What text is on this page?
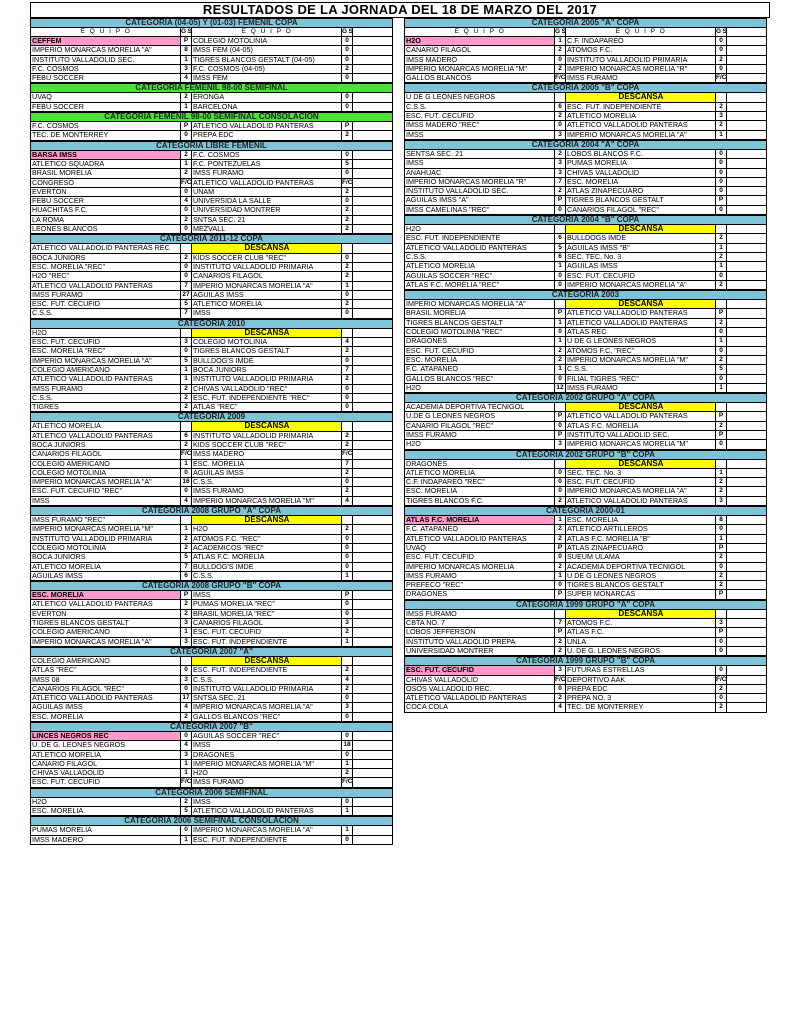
RESULTADOS DE LA JORNADA DEL 18 DE MARZO DEL 2017
CATEGORIA (04-05) Y (01-03) FEMENIL COPA
E Q U I P O	GS	E Q U I P O	GS
CEFFEM	P COLEGIO MOTOLINIA	0
IMPERIO MONARCAS MORELIA "A"	8 IMSS FEM (04-05)	0
INSTITUTO VALLADOLID SEC.	1 TIGRES BLANCOS GESTALT (04-05)	0
F.C. COSMOS	3 F.C. COSMOS (04-05)	2
FEBU SOCCER	4 IMSS FEM	0
CATEGORIA FEMENIL 98-00 SEMIFINAL
UVAQ	2 ERONGA	0
FEBU SOCCER	1 BARCELONA	0
CATEGORIA FEMENIL 98-00 SEMIFINAL CONSOLACION
F.C. COSMOS	P ATLETICO VALLADOLID PANTERAS	P
TEC. DE MONTERREY	0 PREPA EDC	2
CATEGORIA LIBRE FEMENIL
BARSA IMSS	2 F.C. COSMOS	0
ATLETICO SQUADRA	1 F.C. PONTEZUELAS	5
BRASIL MORELIA	2 IMSS FURAMO	0
CONGRESO	F/C ATLETICO VALLADOLID PANTERAS	F/C
EVERTON	0 UNAM	2
FEBU SOCCER	4 UNIVERSIDA LA SALLE	0
HUACHITAS F.C.	0 UNIVERSIDAD MONTRER	2
LA ROMA	2 SNTSA SEC. 21	2
LEONES BLANCOS	0 MEZVALL	2
CATEGORIA 2011-12 COPA
ATLETICO VALLADOLID PANTERAS REC	DESCANSA
BOCA JUNIORS	2 KIDS SOCCER CLUB "REC"	0
ESC. MORELIA "REC"	0 INSTITUTO VALLADOLID PRIMARIA	2
H2O "REC"	0 CANARIOS FILAGOL	2
ATLETICO VALLADOLID PANTERAS	7 IMPERIO MONARCAS MORELIA "A"	1
IMSS FURAMO	27 AGUILAS IMSS	0
ESC. FUT. CECUFID	5 ATLETICO MORELIA	2
C.S.S.	7 IMSS	0
CATEGORIA 2010
H2O	DESCANSA
ESC. FUT. CECUFID	3 COLEGIO MOTOLINIA	4
ESC. MORELIA "REC"	0 TIGRES BLANCOS GESTALT	2
IMPERIO MONARCAS MORELIA "A"	5 BULLDOG'S IMDE	0
COLEGIO AMERICANO	1 BOCA JUNIORS	7
ATLETICO VALLADOLID PANTERAS	1 INSTITUTO VALLADOLID PRIMARIA	2
IMSS FURAMO	2 CHIVAS VALLADOLID "REC"	0
C.S.S.	2 ESC. FUT. INDEPENDIENTE "REC"	0
TIGRES	2 ATLAS "REC"	0
CATEGORIA 2009
ATLETICO MORELIA	DESCANSA
ATLETICO VALLADOLID PANTERAS	6 INSTITUTO VALLADOLID PRIMARIA	2
BOCA JUNIORS	2 KIDS SOCCER CLUB "REC"	2
CANARIOS FILAGOL	F/C IMSS MADERO	F/C
COLEGIO AMERICANO	1 ESC. MORELIA	7
COLEGIO MOTOLINIA	0 AGUILAS IMSS	2
IMPERIO MONARCAS MORELIA "A"	16 C.S.S.	0
ESC. FUT. CECUFID "REC"	0 IMSS FURAMO	2
IMSS	4 IMPERIO MONARCAS MORELIA "M"	4
CATEGORIA 2008 GRUPO "A" COPA
IMSS FURAMO "REC"	DESCANSA
IMPERIO MONARCAS MORELIA "M"	1 H2O	2
INSTITUTO VALLADOLID PRIMARIA	2 ATOMOS F.C. "REC"	0
COLEGIO MOTOLINIA	2 ACADEMICOS "REC"	0
BOCA JUNIORS	5 ATLAS F.C. MORELIA	0
ATLETICO MORELIA	7 BULLDOG'S IMDE	0
AGUILAS IMSS	6 C.S.S.	1
CATEGORIA 2008 GRUPO "B" COPA
ESC. MORELIA	P IMSS	P
ATLETICO VALLADOLID PANTERAS	2 PUMAS MORELIA "REC"	0
EVERTON	2 BRASIL MORELIA "REC"	0
TIGRES BLANCOS GESTALT	3 CANARIOS FILAGOL	3
COLEGIO AMERICANO	1 ESC. FUT. CECUFID	2
IMPERIO MONARCAS MORELIA "A"	3 ESC. FUT. INDEPENDIENTE	1
CATEGORIA 2007 "A"
COLEGIO AMERICANO	DESCANSA
ATLAS "REC"	0 ESC. FUT. INDEPENDIENTE	2
IMSS 08	3 C.S.S.	4
CANARIOS FILAGOL "REC"	0 INSTITUTO VALLADOLID PRIMARIA	2
ATLETICO VALLADOLID PANTERAS	17 SNTSA SEC. 21	0
AGUILAS IMSS	4 IMPERIO MONARCAS MORELIA "A"	3
ESC. MORELIA	2 GALLOS BLANCOS "REC"	0
CATEGORIA 2007 "B"
LINCES NEGROS REC	0 AGUILAS SOCCER "REC"	0
U. DE G. LEONES NEGROS	4 IMSS	18
ATLETICO MORELIA	3 DRAGONES	0
CANARIO FILAGOL	1 IMPERIO MONARCAS MORELIA "M"	1
CHIVAS VALLADOLID	1 H2O	2
ESC. FUT. CECUFID	F/C IMSS FURAMO	F/C
CATEGORIA 2006 SEMIFINAL
H2O	2 IMSS	0
ESC. MORELIA	5 ATLETICO VALLADOLID PANTERAS	1
CATEGORIA 2006 SEMIFINAL CONSOLACION
PUMAS MORELIA	0 IMPERIO MONARCAS MORELIA "A"	1
IMSS MADERO	1 ESC. FUT. INDEPENDIENTE	0
CATEGORIA 2005 "A" COPA
E Q U I P O	GS	E Q U I P O	GS
H2O	1 C.F. INDAPAREO	0
CANARIO FILAGOL	2 ATOMOS F.C.	0
IMSS MADERO	0 INSTITUTO VALLADOLID PRIMARIA	2
IMPERIO MONARCAS MORELIA "M"	2 IMPERIO MONARCAS MORELIA "R"	0
GALLOS BLANCOS	F/C IMSS FURAMO	F/C
CATEGORIA 2005 "B" COPA
U DE G LEONES NEGROS	DESCANSA
C.S.S.	6 ESC. FUT. INDEPENDIENTE	2
ESC. FUT. CECUFID	2 ATLETICO MORELIA	3
IMSS MADERO "REC"	0 ATLETICO VALLADOLID PANTERAS	2
IMSS	3 IMPERIO MONARCAS MORELIA "A"	1
CATEGORIA 2004 "A" COPA
SENTSA SEC. 21	2 LOBOS BLANCOS F.C.	0
IMSS	3 PUMAS MORELIA	0
ANAHUAC	3 CHIVAS VALLADOLID	0
IMPERIO MONARCAS MORELIA "R"	7 ESC. MORELIA	0
INSTITUTO VALLADOLID SEC.	2 ATLAS ZINAPECUARO	0
AGUILAS IMSS "A"	P TIGRES BLANCOS GESTALT	P
IMSS CAMELINAS "REC"	0 CANARIOS FILAGOL "REC"	0
CATEGORIA 2004 "B" COPA
H2O	DESCANSA
ESC. FUT. INDEPENDIENTE	6 BULLDOGS IMDE	2
ATLETICO VALLADOLID PANTERAS	5 AGUILAS IMSS "B"	1
C.S.S.	6 SEC. TEC. No. 3	2
ATLETICO MORELIA	1 AGUILAS IMSS	1
AGUILAS SOCCER "REC"	0 ESC. FUT. CECUFID	0
ATLAS F.C. MORELIA "REC"	0 IMPERIO MONARCAS MORELIA "A"	2
CATEGORIA 2003
IMPERIO MONARCAS MORELIA "A"	DESCANSA
BRASIL MORELIA	P ATLETICO VALLADOLID PANTERAS	P
TIGRES BLANCOS GESTALT	1 ATLETICO VALLADOLID PANTERAS	2
COLEGIO MOTOLINIA "REC"	0 ATLAS REC	0
DRAGONES	1 U DE G LEONES NEGROS	1
ESC. FUT. CECUFID	2 ATOMOS F.C. "REC"	0
ESC. MORELIA	2 IMPERIO MONARCAS MORELIA "M"	2
F.C. ATAPANEO	1 C.S.S.	5
GALLOS BLANCOS "REC"	0 FILIAL TIGRES "REC"	0
H2O	12 IMSS FURAMO	1
CATEGORIA 2002 GRUPO "A" COPA
ACADEMIA DEPORTIVA TECNIGOL	DESCANSA
U.DE G LEONES NEGROS	P ATLETICO VALLADOLID PANTERAS	P
CANARIO FILAGOL "REC"	0 ATLAS F.C. MORELIA	2
IMSS FURAMO	P INSTITUTO VALLADOLID SEC.	P
H2O	3 IMPERIO MONARCAS MORELIA "M"	0
CATEGORIA 2002 GRUPO "B" COPA
DRAGONES	DESCANSA
ATLETICO MORELIA	0 SEC. TEC. No. 3	1
C.F. INDAPAREO "REC"	0 ESC. FUT. CECUFID	2
ESC. MORELIA	0 IMPERIO MONARCAS MORELIA "A"	2
TIGRES BLANCOS F.C.	2 ATLETICO VALLADOLID PANTERAS	3
CATEGORIA 2000-01
ATLAS F.C. MORELIA	1 ESC. MORELIA	8
F.C. ATAPANEO	2 ATLETICO ARTILLEROS	0
ATLETICO VALLADOLID PANTERAS	2 ATLAS F.C. MORELIA "B"	1
UVAQ	P ATLAS ZINAPECUARO	P
ESC. FUT. CECUFID	0 SUEUM ULAMA	2
IMPERIO MONARCAS MORELIA	2 ACADEMIA DEPORTIVA TECNIGOL	0
IMSS FURAMO	1 U DE G LEONES NEGROS	2
PREFECO "REC"	0 TIGRES BLANCOS GESTALT	2
DRAGONES	P SUPER MONARCAS	P
CATEGORIA 1999 GRUPO "A" COPA
IMSS FURAMO	DESCANSA
CBTA NO. 7	7 ATOMOS F.C.	3
LOBOS JEFFERSON	P ATLAS F.C.	P
INSTITUTO VALLADOLID PREPA	2 UNLA	0
UNIVERSIDAD MONTRER	2 U. DE G. LEONES NEGROS	0
CATEGORIA 1999 GRUPO "B" COPA
ESC. FUT. CECUFID	3 FUTURAS ESTRELLAS	0
CHIVAS VALLADOLID	F/C DEPORTIVO AAK	F/C
OSOS VALLADOLID REC.	0 PREPA EDC	2
ATLETICO VALLADOLID PANTERAS	2 PREPA NO. 3	0
COCA COLA	4 TEC. DE MONTERREY	2
